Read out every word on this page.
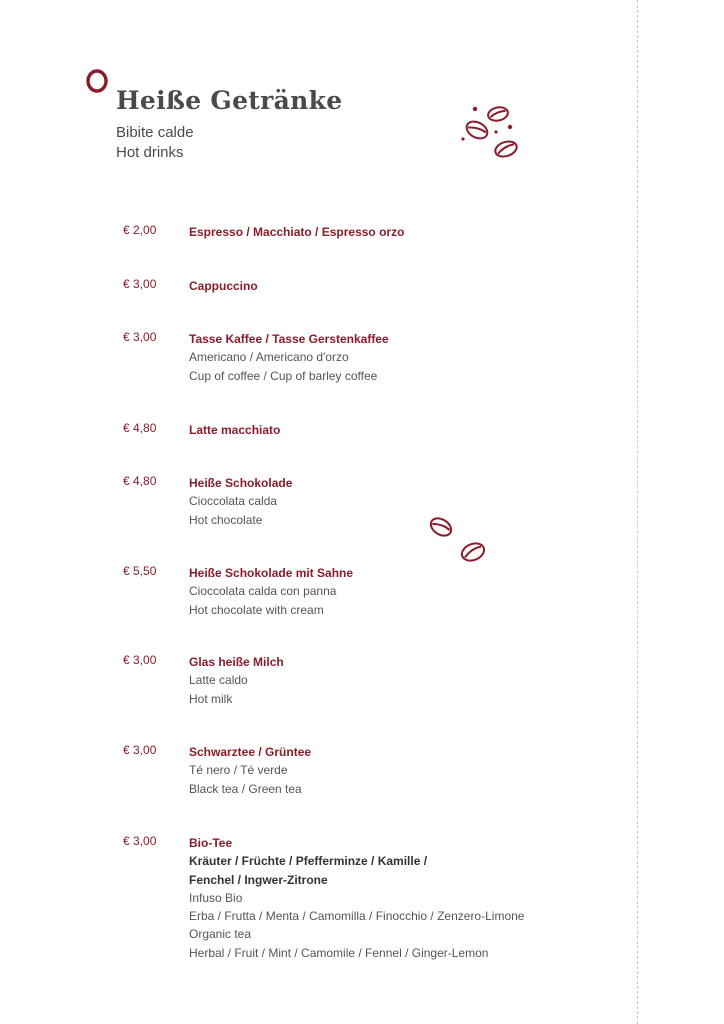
Heiße Getränke
Bibite calde
Hot drinks
€ 2,00	Espresso / Macchiato / Espresso orzo
€ 3,00	Cappuccino
€ 3,00	Tasse Kaffee / Tasse Gerstenkaffee
Americano / Americano d'orzo
Cup of coffee / Cup of barley coffee
€ 4,80	Latte macchiato
€ 4,80	Heiße Schokolade
Cioccolata calda
Hot chocolate
€ 5,50	Heiße Schokolade mit Sahne
Cioccolata calda con panna
Hot chocolate with cream
€ 3,00	Glas heiße Milch
Latte caldo
Hot milk
€ 3,00	Schwarztee / Grüntee
Té nero / Té verde
Black tea / Green tea
€ 3,00	Bio-Tee
Kräuter / Früchte / Pfefferminze / Kamille /
Fenchel / Ingwer-Zitrone
Infuso Bio
Erba / Frutta / Menta / Camomilla / Finocchio / Zenzero-Limone
Organic tea
Herbal / Fruit / Mint / Camomile / Fennel / Ginger-Lemon
